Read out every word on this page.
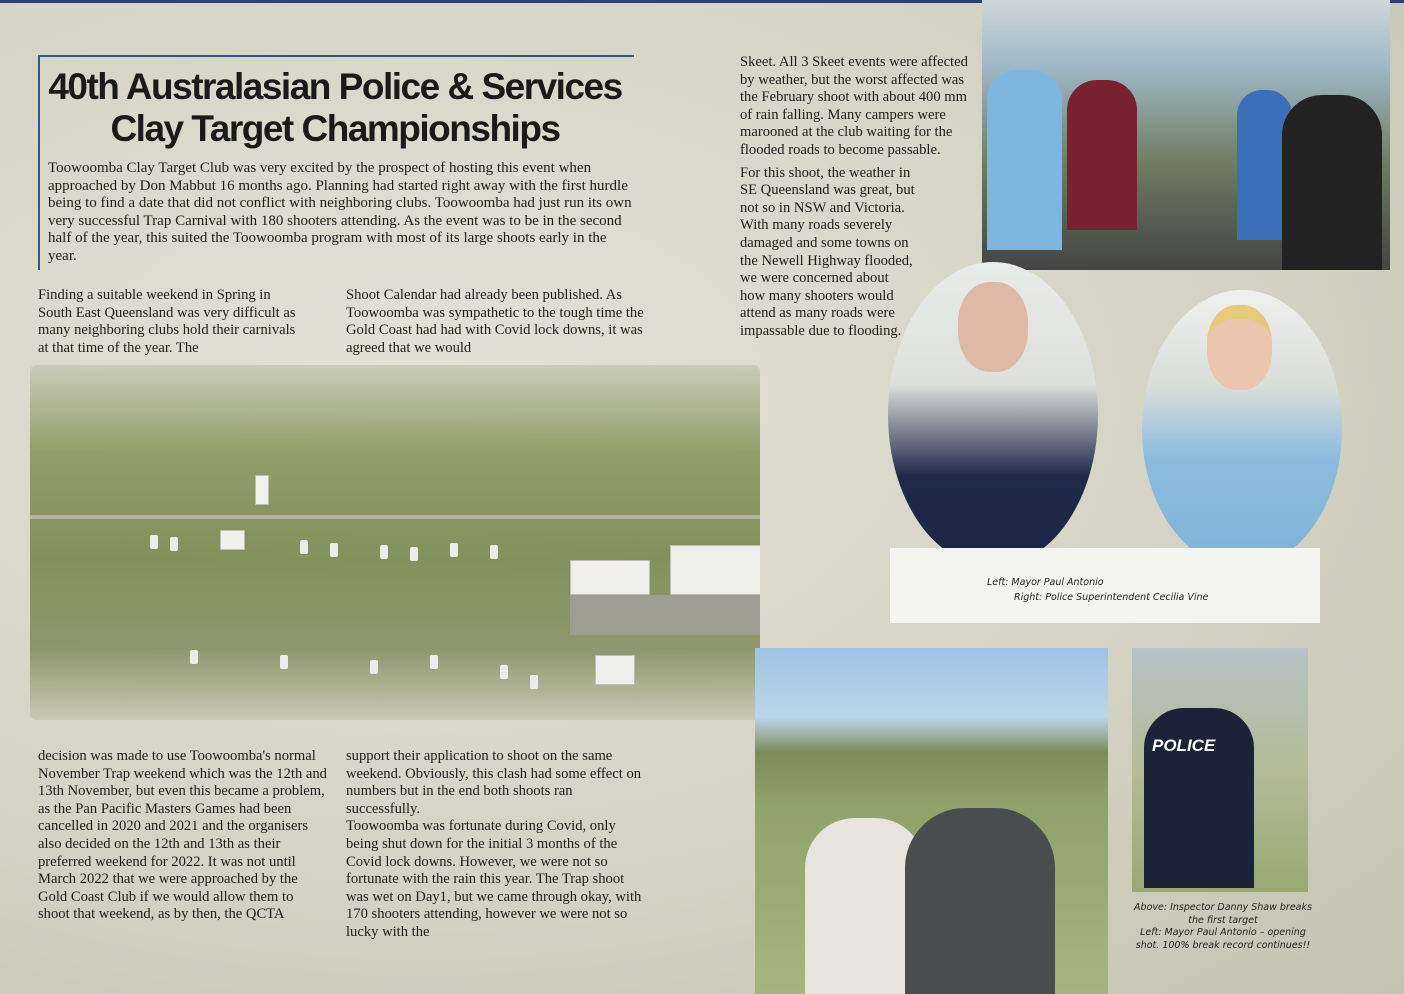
40th Australasian Police & Services
Clay Target Championships
Toowoomba Clay Target Club was very excited by the prospect of hosting this event when approached by Don Mabbut 16 months ago. Planning had started right away with the first hurdle being to find a date that did not conflict with neighboring clubs. Toowoomba had just run its own very successful Trap Carnival with 180 shooters attending. As the event was to be in the second half of the year, this suited the Toowoomba program with most of its large shoots early in the year.
Finding a suitable weekend in Spring in South East Queensland was very difficult as many neighboring clubs hold their carnivals at that time of the year. The
Shoot Calendar had already been published. As Toowoomba was sympathetic to the tough time the Gold Coast had had with Covid lock downs, it was agreed that we would
decision was made to use Toowoomba's normal November Trap weekend which was the 12th and 13th November, but even this became a problem, as the Pan Pacific Masters Games had been cancelled in 2020 and 2021 and the organisers also decided on the 12th and 13th as their preferred weekend for 2022. It was not until March 2022 that we were approached by the Gold Coast Club if we would allow them to shoot that weekend, as by then, the QCTA
support their application to shoot on the same weekend. Obviously, this clash had some effect on numbers but in the end both shoots ran successfully.
Toowoomba was fortunate during Covid, only being shut down for the initial 3 months of the Covid lock downs. However, we were not so fortunate with the rain this year. The Trap shoot was wet on Day1, but we came through okay, with 170 shooters attending, however we were not so lucky with the
Skeet. All 3 Skeet events were affected by weather, but the worst affected was the February shoot with about 400 mm of rain falling. Many campers were marooned at the club waiting for the flooded roads to become passable.
For this shoot, the weather in SE Queensland was great, but not so in NSW and Victoria. With many roads severely damaged and some towns on the Newell Highway flooded, we were concerned about how many shooters would attend as many roads were impassable due to flooding.
Left: Mayor Paul Antonio
Right: Police Superintendent Cecilia Vine
POLICE
Above: Inspector Danny Shaw breaks the first target
Left: Mayor Paul Antonio – opening shot. 100% break record continues!!
